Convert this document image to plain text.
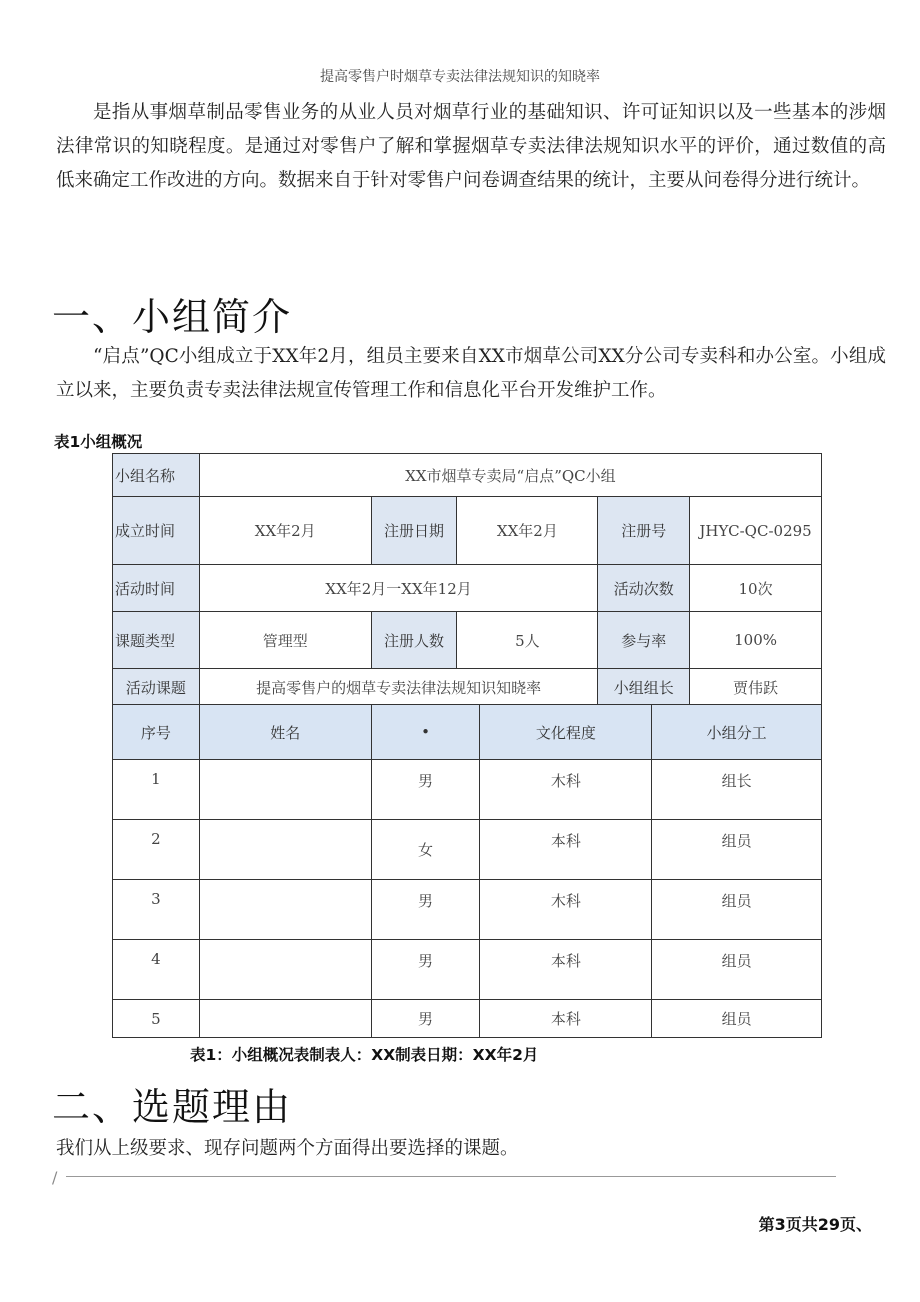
提高零售户时烟草专卖法律法规知识的知晓率

是指从事烟草制品零售业务的从业人员对烟草行业的基础知识、许可证知识以及一些基本的涉烟法律常识的知晓程度。是通过对零售户了解和掌握烟草专卖法律法规知识水平的评价，通过数值的高低来确定工作改进的方向。数据来自于针对零售户问卷调查结果的统计，主要从问卷得分进行统计。

一、小组简介

“启点”QC小组成立于XX年2月，组员主要来自XX市烟草公司XX分公司专卖科和办公室。小组成立以来，主要负责专卖法律法规宣传管理工作和信息化平台开发维护工作。

表1小组概况
小组名称	XX市烟草专卖局“启点”QC小组				
成立时间	XX年2月	注册日期	XX年2月	注册号	JHYC-QC-0295
活动时间	XX年2月一XX年12月			活动次数	10次
课题类型	管理型	注册人数	5人	参与率	100%
活动课题	提高零售户的烟草专卖法律法规知识知晓率			小组组长	贾伟跃
序号	姓名	•	文化程度	小组分工
1		男	木科	组长
2		女	本科	组员
3		男	木科	组员
4		男	本科	组员
5		男	本科	组员
表1：小组概况表制表人：XX制表日期：XX年2月
二、选题理由

我们从上级要求、现存问题两个方面得出要选择的课题。

/
第3页共29页、
